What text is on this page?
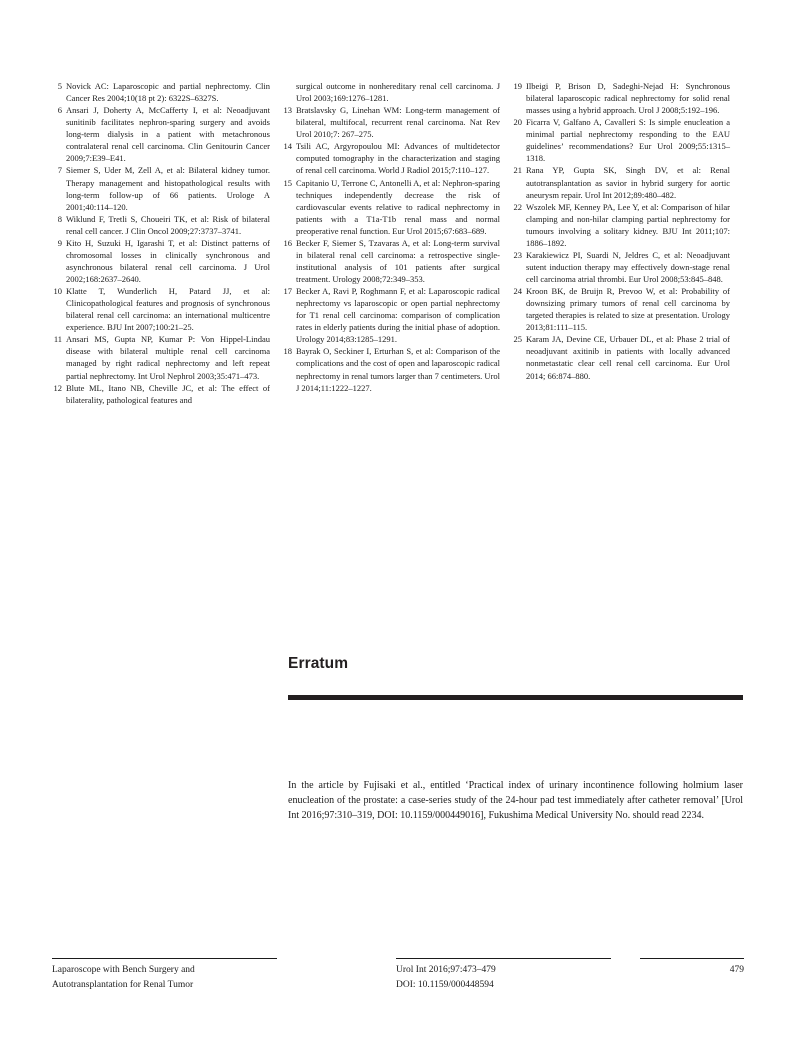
5 Novick AC: Laparoscopic and partial nephrectomy. Clin Cancer Res 2004;10(18 pt 2): 6322S–6327S.
6 Ansari J, Doherty A, McCafferty I, et al: Neoadjuvant sunitinib facilitates nephron-sparing surgery and avoids long-term dialysis in a patient with metachronous contralateral renal cell carcinoma. Clin Genitourin Cancer 2009;7:E39–E41.
7 Siemer S, Uder M, Zell A, et al: Bilateral kidney tumor. Therapy management and histopathological results with long-term follow-up of 66 patients. Urologe A 2001;40:114–120.
8 Wiklund F, Tretli S, Choueiri TK, et al: Risk of bilateral renal cell cancer. J Clin Oncol 2009;27:3737–3741.
9 Kito H, Suzuki H, Igarashi T, et al: Distinct patterns of chromosomal losses in clinically synchronous and asynchronous bilateral renal cell carcinoma. J Urol 2002;168:2637–2640.
10 Klatte T, Wunderlich H, Patard JJ, et al: Clinicopathological features and prognosis of synchronous bilateral renal cell carcinoma: an international multicentre experience. BJU Int 2007;100:21–25.
11 Ansari MS, Gupta NP, Kumar P: Von Hippel-Lindau disease with bilateral multiple renal cell carcinoma managed by right radical nephrectomy and left repeat partial nephrectomy. Int Urol Nephrol 2003;35:471–473.
12 Blute ML, Itano NB, Cheville JC, et al: The effect of bilaterality, pathological features and
surgical outcome in nonhereditary renal cell carcinoma. J Urol 2003;169:1276–1281.
13 Bratslavsky G, Linehan WM: Long-term management of bilateral, multifocal, recurrent renal carcinoma. Nat Rev Urol 2010;7: 267–275.
14 Tsili AC, Argyropoulou MI: Advances of multidetector computed tomography in the characterization and staging of renal cell carcinoma. World J Radiol 2015;7:110–127.
15 Capitanio U, Terrone C, Antonelli A, et al: Nephron-sparing techniques independently decrease the risk of cardiovascular events relative to radical nephrectomy in patients with a T1a-T1b renal mass and normal preoperative renal function. Eur Urol 2015;67:683–689.
16 Becker F, Siemer S, Tzavaras A, et al: Long-term survival in bilateral renal cell carcinoma: a retrospective single-institutional analysis of 101 patients after surgical treatment. Urology 2008;72:349–353.
17 Becker A, Ravi P, Roghmann F, et al: Laparoscopic radical nephrectomy vs laparoscopic or open partial nephrectomy for T1 renal cell carcinoma: comparison of complication rates in elderly patients during the initial phase of adoption. Urology 2014;83:1285–1291.
18 Bayrak O, Seckiner I, Erturhan S, et al: Comparison of the complications and the cost of open and laparoscopic radical nephrectomy in renal tumors larger than 7 centimeters. Urol J 2014;11:1222–1227.
19 Ilbeigi P, Brison D, Sadeghi-Nejad H: Synchronous bilateral laparoscopic radical nephrectomy for solid renal masses using a hybrid approach. Urol J 2008;5:192–196.
20 Ficarra V, Galfano A, Cavalleri S: Is simple enucleation a minimal partial nephrectomy responding to the EAU guidelines’ recommendations? Eur Urol 2009;55:1315–1318.
21 Rana YP, Gupta SK, Singh DV, et al: Renal autotransplantation as savior in hybrid surgery for aortic aneurysm repair. Urol Int 2012;89:480–482.
22 Wszolek MF, Kenney PA, Lee Y, et al: Comparison of hilar clamping and non-hilar clamping partial nephrectomy for tumours involving a solitary kidney. BJU Int 2011;107: 1886–1892.
23 Karakiewicz PI, Suardi N, Jeldres C, et al: Neoadjuvant sutent induction therapy may effectively down-stage renal cell carcinoma atrial thrombi. Eur Urol 2008;53:845–848.
24 Kroon BK, de Bruijn R, Prevoo W, et al: Probability of downsizing primary tumors of renal cell carcinoma by targeted therapies is related to size at presentation. Urology 2013;81:111–115.
25 Karam JA, Devine CE, Urbauer DL, et al: Phase 2 trial of neoadjuvant axitinib in patients with locally advanced nonmetastatic clear cell renal cell carcinoma. Eur Urol 2014; 66:874–880.
Erratum

In the article by Fujisaki et al., entitled ‘Practical index of urinary incontinence following holmium laser enucleation of the prostate: a case-series study of the 24-hour pad test immediately after catheter removal’ [Urol Int 2016;97:310–319, DOI: 10.1159/000449016], Fukushima Medical University No. should read 2234.

Laparoscope with Bench Surgery and
Autotransplantation for Renal Tumor
Urol Int 2016;97:473–479
DOI: 10.1159/000448594
479
